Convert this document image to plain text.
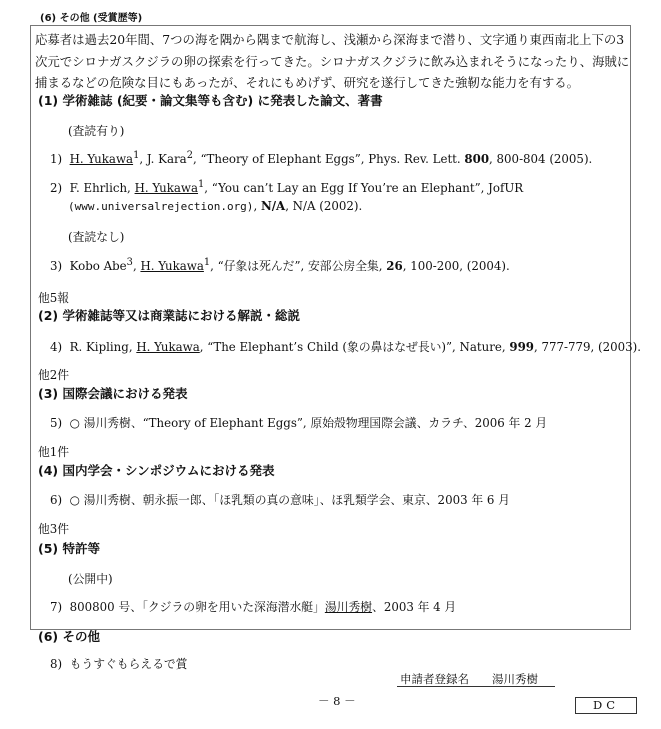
(6) その他 (受賞歴等)
応募者は過去20年間、7つの海を隅から隅まで航海し、浅瀬から深海まで潜り、文字通り東西南北上下の3次元でシロナガスクジラの卵の探索を行ってきた。シロナガスクジラに飲み込まれそうになったり、海賊に捕まるなどの危険な目にもあったが、それにもめげず、研究を遂行してきた強靭な能力を有する。
(1) 学術雑誌 (紀要・論文集等も含む) に発表した論文、著書
(査読有り)
1) H. Yukawa$^1$, J. Kara$^2$, “Theory of Elephant Eggs”, Phys. Rev. Lett. 800, 800-804 (2005).
2) F. Ehrlich, H. Yukawa$^1$, “You can’t Lay an Egg If You’re an Elephant”, JofUR
(www.universalrejection.org), N/A, N/A (2002).
(査読なし)
3) Kobo Abe$^3$, H. Yukawa$^1$, “仔象は死んだ”, 安部公房全集, 26, 100-200, (2004).
他5報
(2) 学術雑誌等又は商業誌における解説・総説
4) R. Kipling, H. Yukawa, “The Elephant’s Child (象の鼻はなぜ長い)”, Nature, 999, 777-779, (2003).
他2件
(3) 国際会議における発表
5) ○ 湯川秀樹、“Theory of Elephant Eggs”, 原始殻物理国際会議、カラチ、2006 年 2 月
他1件
(4) 国内学会・シンポジウムにおける発表
6) ○ 湯川秀樹、朝永振一郎、「ほ乳類の真の意味」、ほ乳類学会、東京、2003 年 6 月
他3件
(5) 特許等
(公開中)
7) 800800 号、「クジラの卵を用いた深海潜水艇」湯川秀樹、2003 年 4 月
(6) その他
8) もうすぐもらえるで賞
申請者登録名 湯川秀樹
－ 8 －	DC
